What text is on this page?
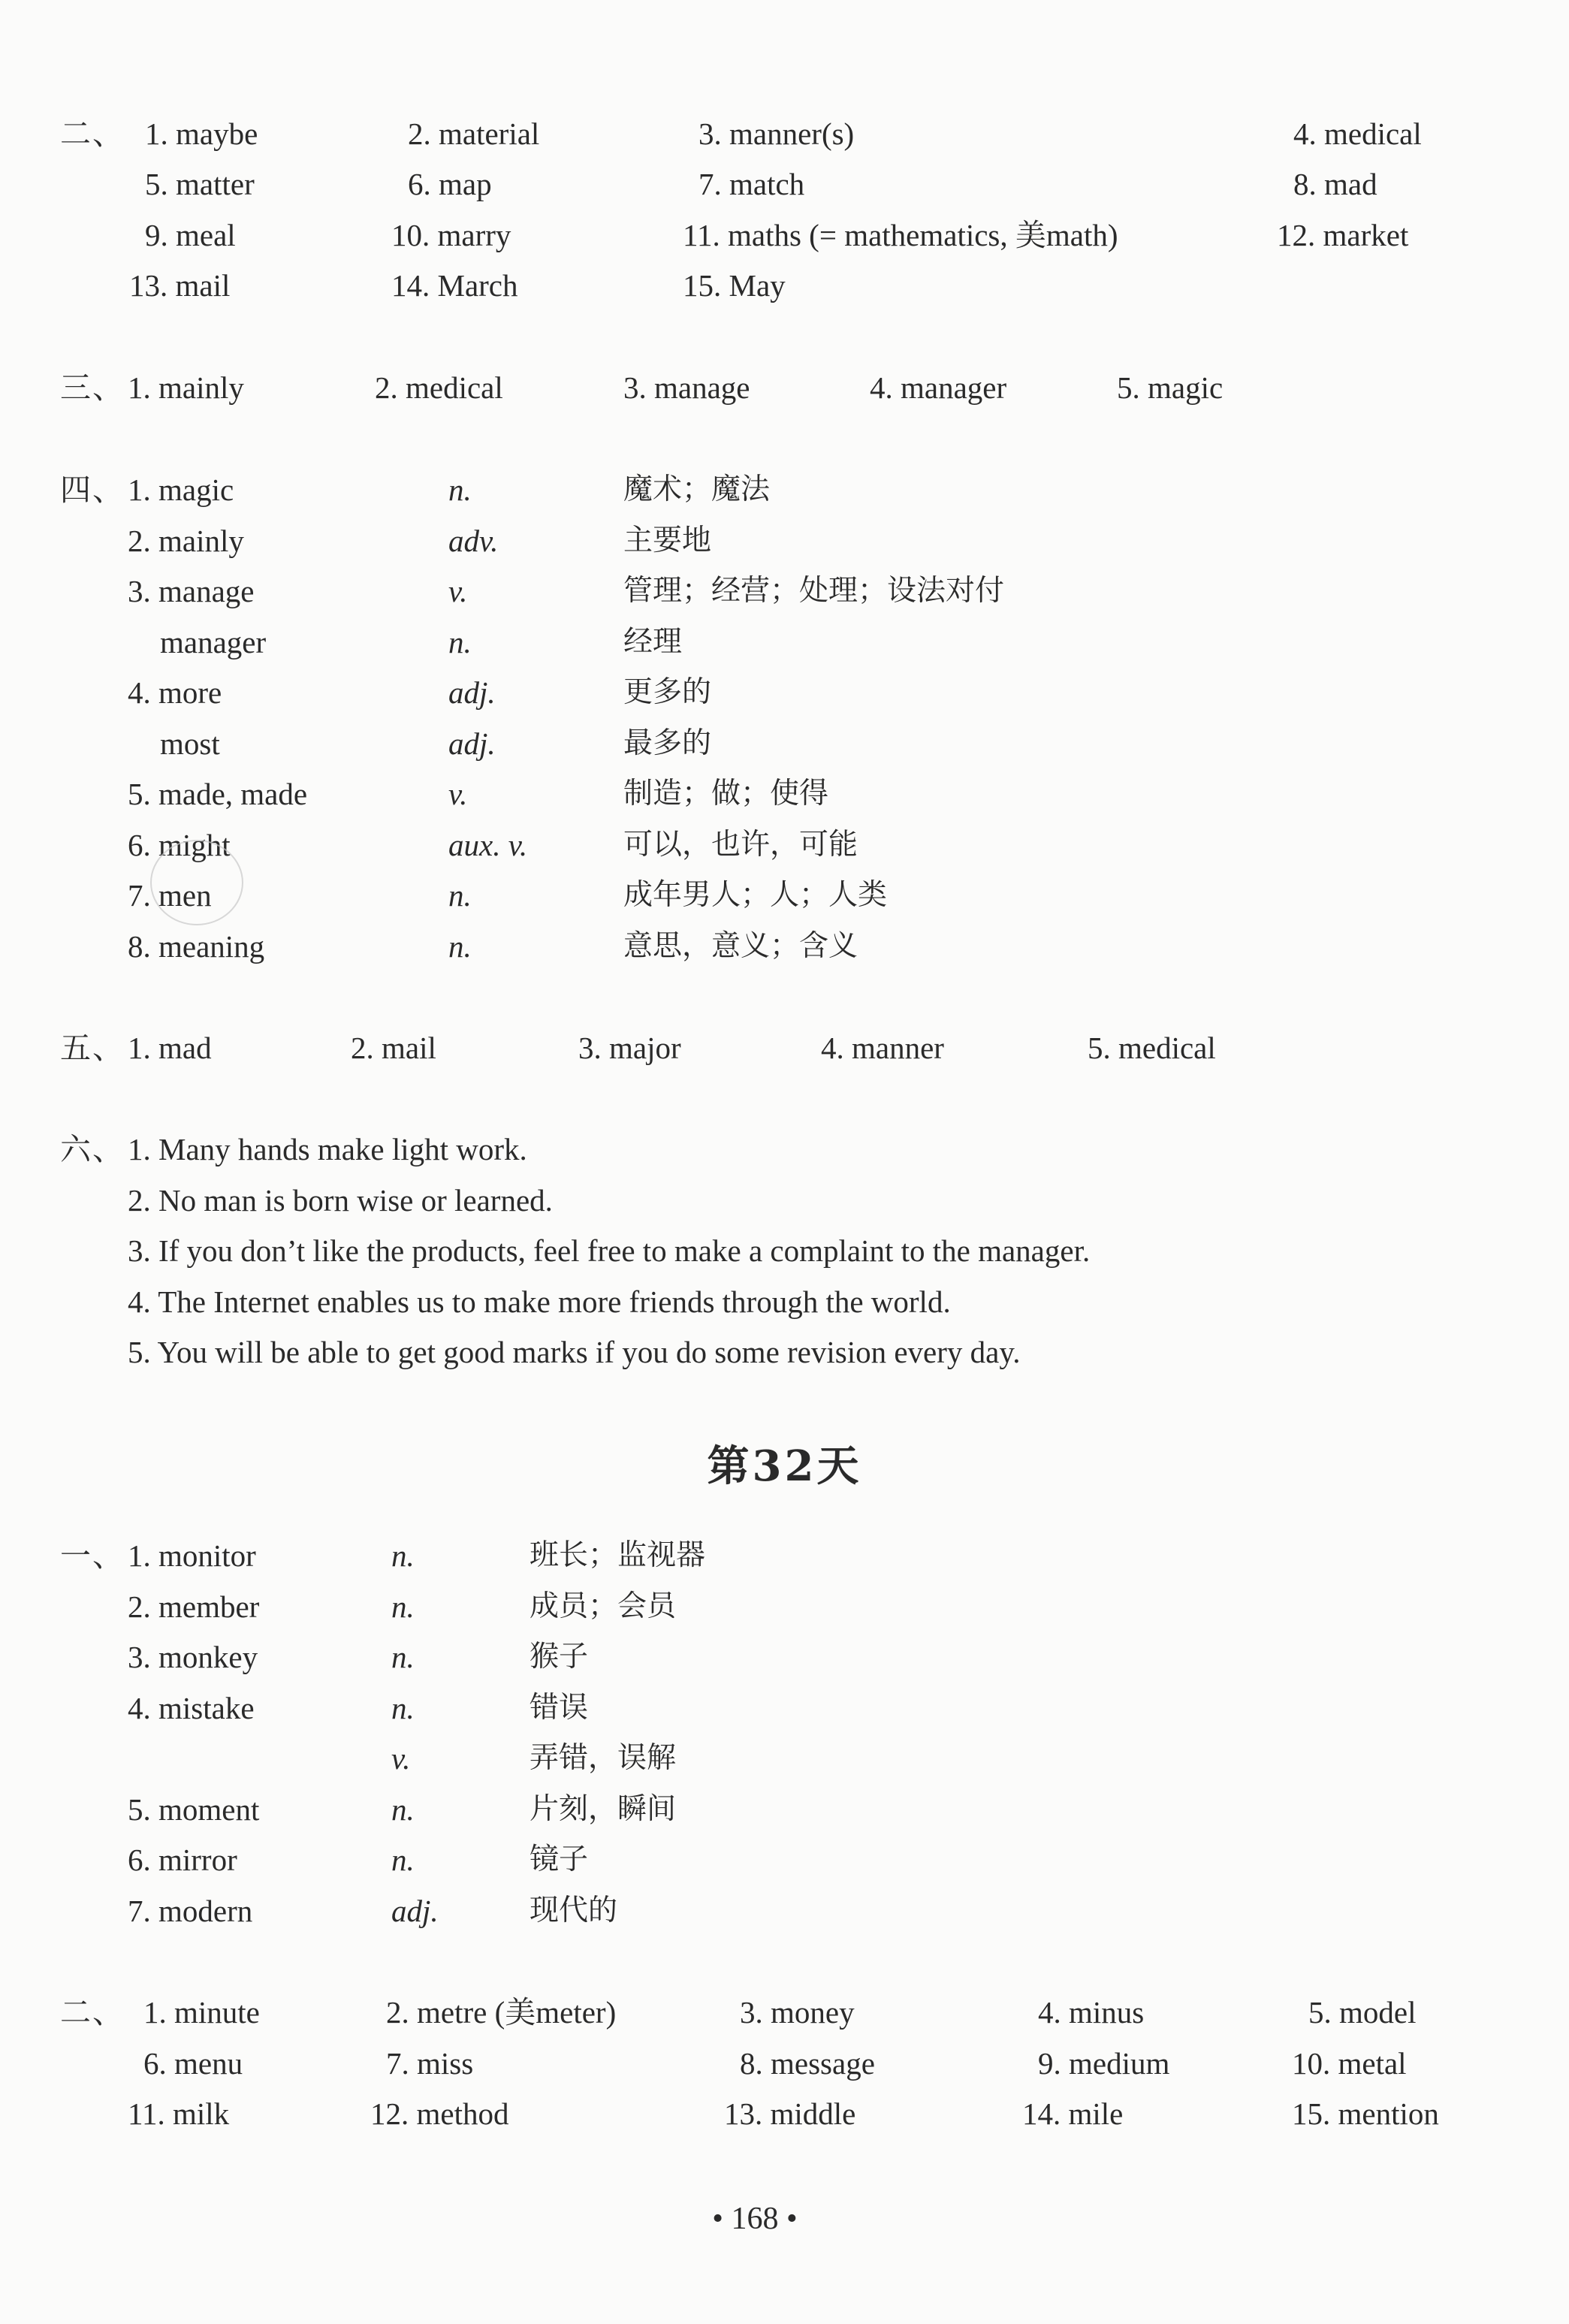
二、 1. maybe	2. material	3. manner(s)	4. medical
5. matter	6. map	7. match	8. mad
9. meal	10. marry	11. maths (= mathematics, 美math)	12. market
13. mail	14. March	15. May
三、 1. mainly	2. medical	3. manage	4. manager	5. magic
四、 1. magic	n.	魔术；魔法
2. mainly	adv.	主要地
3. manage	v.	管理；经营；处理；设法对付
manager	n.	经理
4. more	adj.	更多的
most	adj.	最多的
5. made, made	v.	制造；做；使得
6. might	aux. v.	可以，也许，可能
7. men	n.	成年男人；人；人类
8. meaning	n.	意思，意义；含义
五、 1. mad	2. mail	3. major	4. manner	5. medical
六、 1. Many hands make light work.
2. No man is born wise or learned.
3. If you don’t like the products, feel free to make a complaint to the manager.
4. The Internet enables us to make more friends through the world.
5. You will be able to get good marks if you do some revision every day.
第32天
一、 1. monitor	n.	班长；监视器
2. member	n.	成员；会员
3. monkey	n.	猴子
4. mistake	n.	错误
v.	弄错，误解
5. moment	n.	片刻，瞬间
6. mirror	n.	镜子
7. modern	adj.	现代的
二、 1. minute	2. metre (美meter)	3. money	4. minus	5. model
6. menu	7. miss	8. message	9. medium	10. metal
11. milk	12. method	13. middle	14. mile	15. mention
• 168 •
